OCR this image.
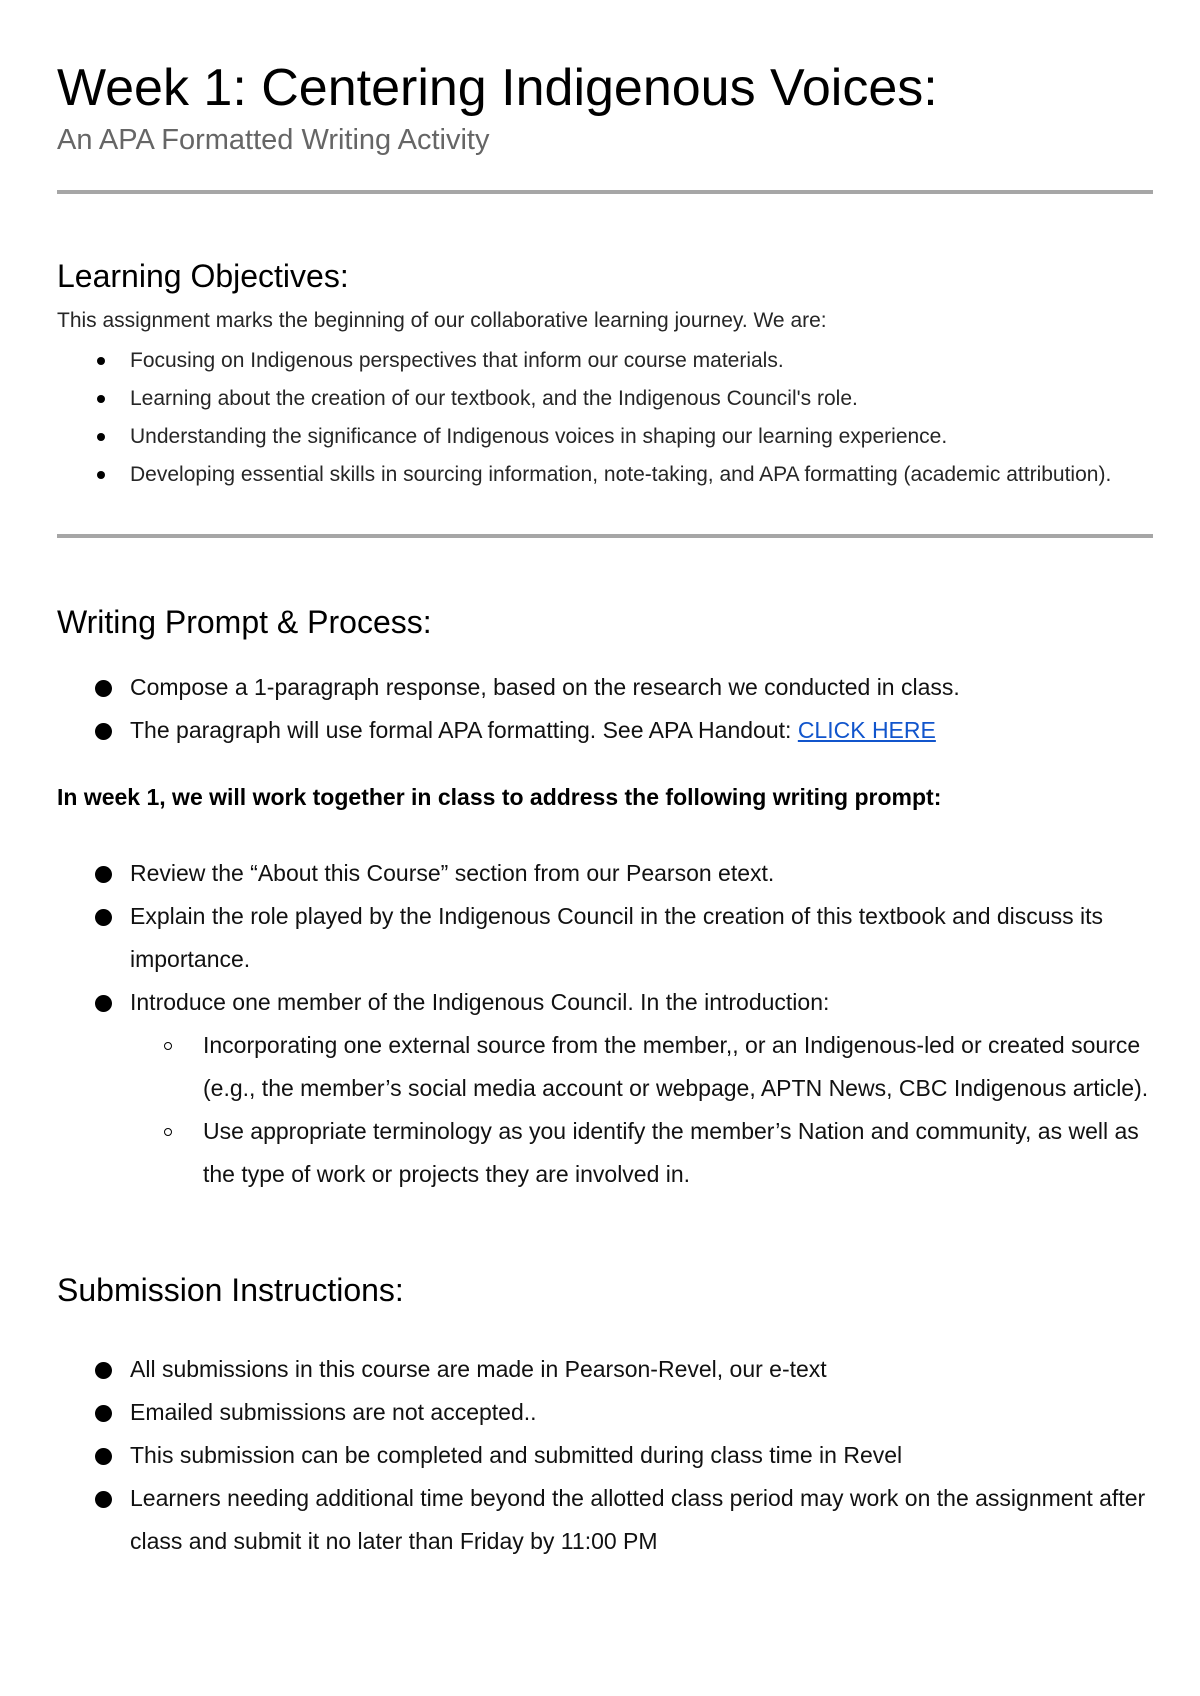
Week 1: Centering Indigenous Voices:
An APA Formatted Writing Activity
Learning Objectives:

This assignment marks the beginning of our collaborative learning journey. We are:

Focusing on Indigenous perspectives that inform our course materials.
Learning about the creation of our textbook, and the Indigenous Council's role.
Understanding the significance of Indigenous voices in shaping our learning experience.
Developing essential skills in sourcing information, note-taking, and APA formatting (academic attribution).
Writing Prompt & Process:
Compose a 1-paragraph response, based on the research we conducted in class.
The paragraph will use formal APA formatting. See APA Handout: CLICK HERE

In week 1, we will work together in class to address the following writing prompt:

Review the “About this Course” section from our Pearson etext.
Explain the role played by the Indigenous Council in the creation of this textbook and discuss its importance.
Introduce one member of the Indigenous Council. In the introduction:
Incorporating one external source from the member,, or an Indigenous-led or created source (e.g., the member’s social media account or webpage, APTN News, CBC Indigenous article).
Use appropriate terminology as you identify the member’s Nation and community, as well as the type of work or projects they are involved in.
Submission Instructions:
All submissions in this course are made in Pearson-Revel, our e-text
Emailed submissions are not accepted..
This submission can be completed and submitted during class time in Revel
Learners needing additional time beyond the allotted class period may work on the assignment after class and submit it no later than Friday by 11:00 PM
